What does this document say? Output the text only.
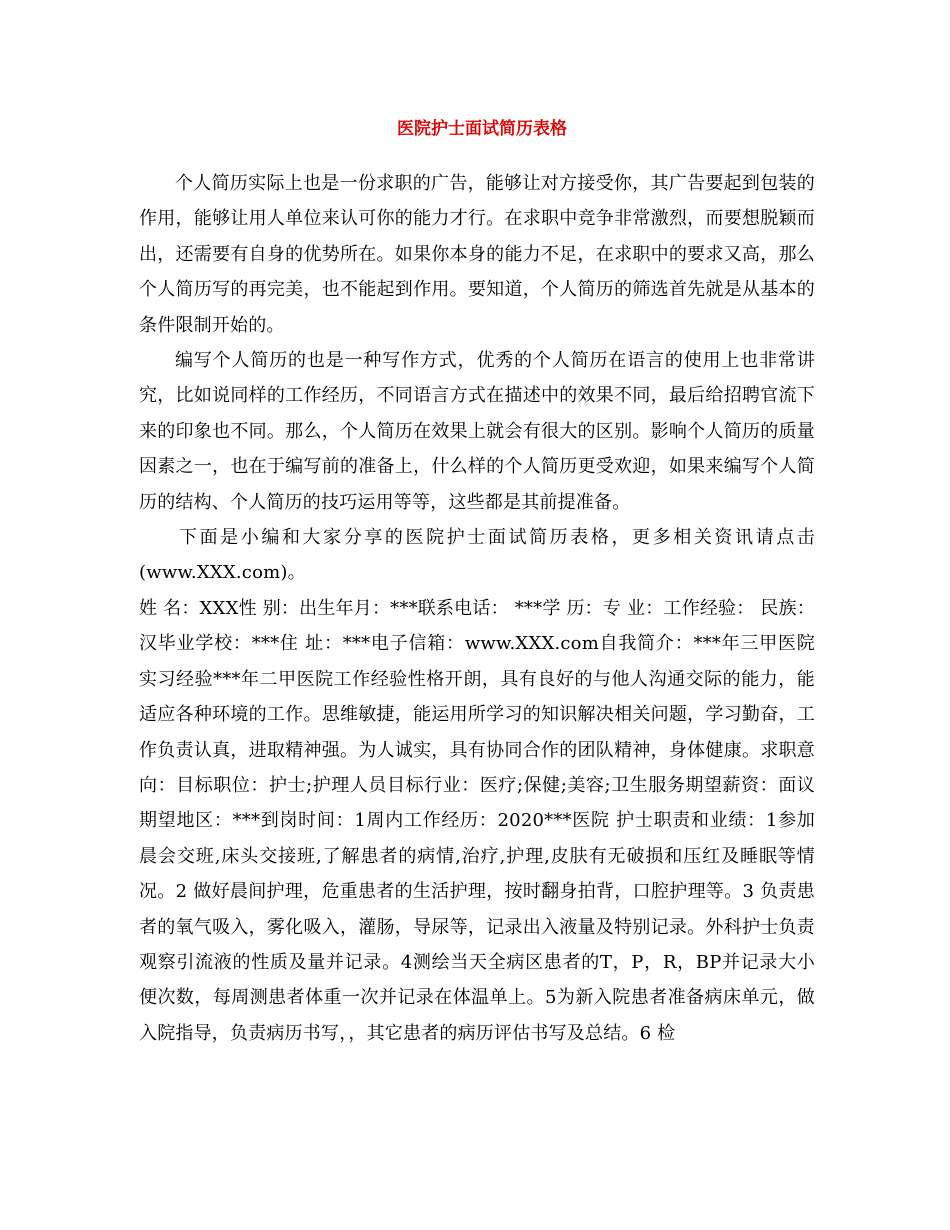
医院护士面试简历表格

个人简历实际上也是一份求职的广告，能够让对方接受你，其广告要起到包装的作用，能够让用人单位来认可你的能力才行。在求职中竞争非常激烈，而要想脱颖而出，还需要有自身的优势所在。如果你本身的能力不足，在求职中的要求又高，那么个人简历写的再完美，也不能起到作用。要知道，个人简历的筛选首先就是从基本的条件限制开始的。

编写个人简历的也是一种写作方式，优秀的个人简历在语言的使用上也非常讲究，比如说同样的工作经历，不同语言方式在描述中的效果不同，最后给招聘官流下来的印象也不同。那么，个人简历在效果上就会有很大的区别。影响个人简历的质量因素之一，也在于编写前的准备上，什么样的个人简历更受欢迎，如果来编写个人简历的结构、个人简历的技巧运用等等，这些都是其前提准备。

下面是小编和大家分享的医院护士面试简历表格，更多相关资讯请点击(www.XXX.com)。

姓 名：XXX性 别：出生年月：***联系电话： ***学 历：专 业：工作经验： 民族：汉毕业学校：***住 址：***电子信箱：www.XXX.com自我简介：***年三甲医院实习经验***年二甲医院工作经验性格开朗，具有良好的与他人沟通交际的能力，能适应各种环境的工作。思维敏捷，能运用所学习的知识解决相关问题，学习勤奋，工作负责认真，进取精神强。为人诚实，具有协同合作的团队精神，身体健康。求职意向：目标职位：护士;护理人员目标行业：医疗;保健;美容;卫生服务期望薪资：面议期望地区：***到岗时间：1周内工作经历：2020***医院 护士职责和业绩：1参加晨会交班,床头交接班,了解患者的病情,治疗,护理,皮肤有无破损和压红及睡眠等情况。2 做好晨间护理，危重患者的生活护理，按时翻身拍背，口腔护理等。3 负责患者的氧气吸入，雾化吸入，灌肠，导尿等，记录出入液量及特别记录。外科护士负责观察引流液的性质及量并记录。4测绘当天全病区患者的T，P，R，BP并记录大小便次数，每周测患者体重一次并记录在体温单上。5为新入院患者准备病床单元，做入院指导，负责病历书写，，其它患者的病历评估书写及总结。6 检
